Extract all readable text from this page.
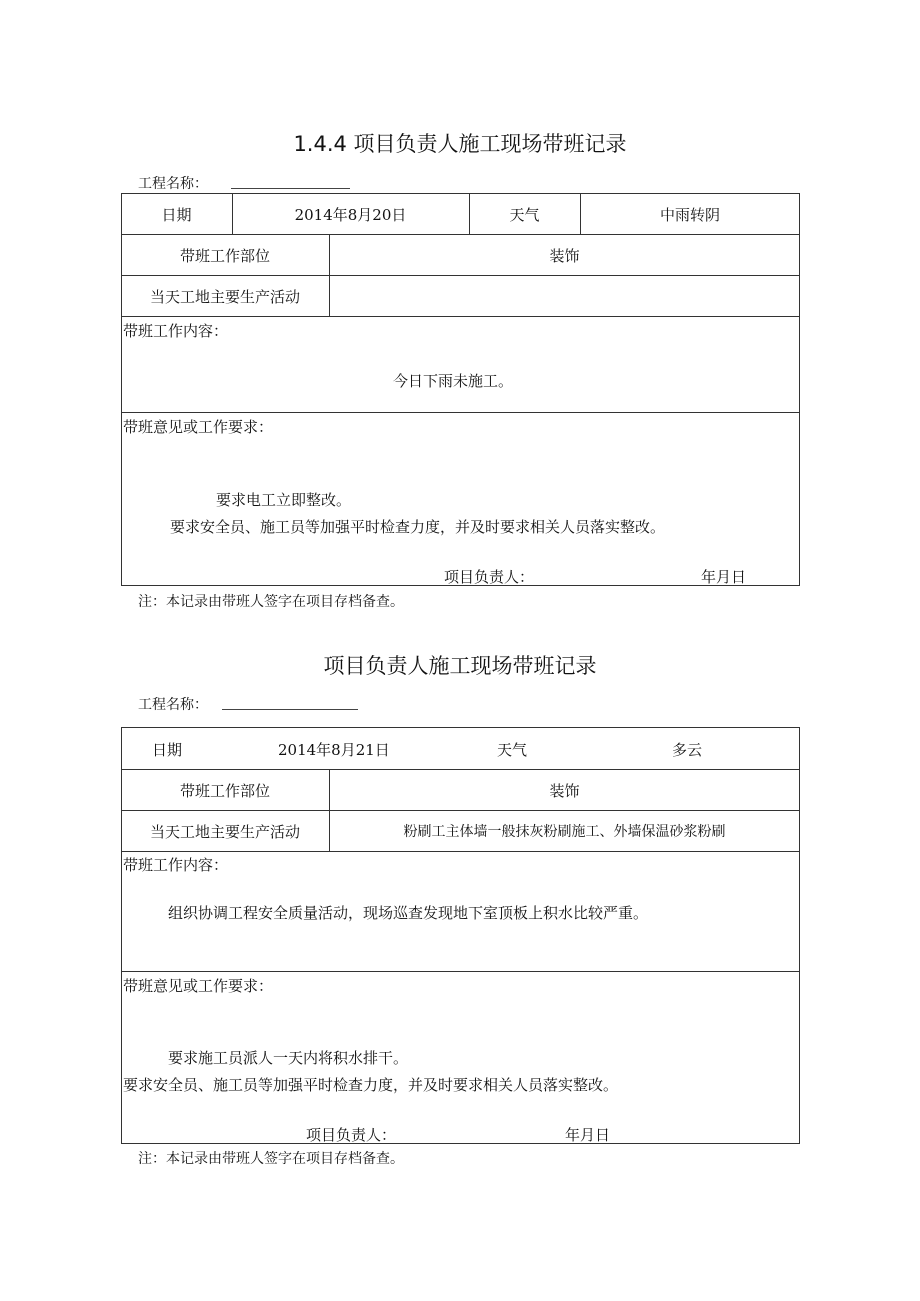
1.4.4 项目负责人施工现场带班记录
工程名称：
日期	2014年8月20日	天气	中雨转阴
带班工作部位	装饰
当天工地主要生产活动
带班工作内容：
今日下雨未施工。
带班意见或工作要求：
要求电工立即整改。
要求安全员、施工员等加强平时检查力度，并及时要求相关人员落实整改。
项目负责人：	年月日
注：本记录由带班人签字在项目存档备查。
项目负责人施工现场带班记录
工程名称：
日期	2014年8月21日	天气	多云
带班工作部位	装饰
当天工地主要生产活动	粉刷工主体墙一般抹灰粉刷施工、外墙保温砂浆粉刷
带班工作内容：
组织协调工程安全质量活动，现场巡查发现地下室顶板上积水比较严重。
带班意见或工作要求：
要求施工员派人一天内将积水排干。
要求安全员、施工员等加强平时检查力度，并及时要求相关人员落实整改。
项目负责人：	年月日
注：本记录由带班人签字在项目存档备查。
